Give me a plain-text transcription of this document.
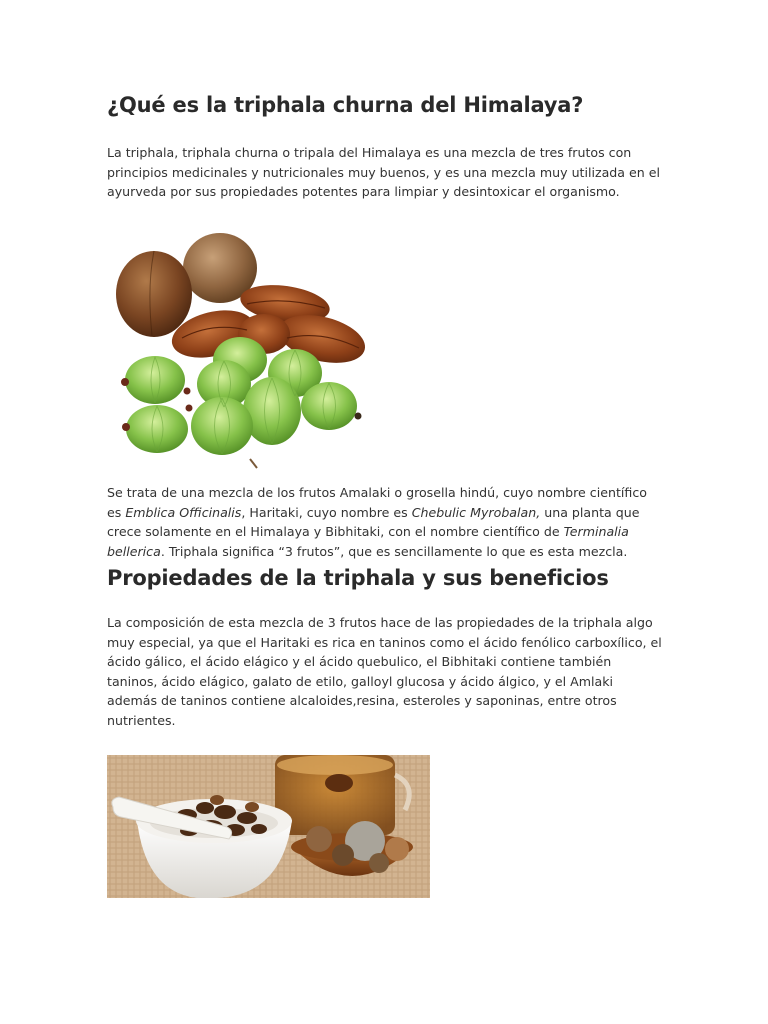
¿Qué es la triphala churna del Himalaya?

La triphala, triphala churna o tripala del Himalaya es una mezcla de tres frutos con
principios medicinales y nutricionales muy buenos, y es una mezcla muy utilizada en el
ayurveda por sus propiedades potentes para limpiar y desintoxicar el organismo.

Se trata de una mezcla de los frutos Amalaki o grosella hindú, cuyo nombre científico
es Emblica Officinalis, Haritaki, cuyo nombre es Chebulic Myrobalan, una planta que
crece solamente en el Himalaya y Bibhitaki, con el nombre científico de Terminalia
bellerica. Triphala significa “3 frutos”, que es sencillamente lo que es esta mezcla.

Propiedades de la triphala y sus beneficios

La composición de esta mezcla de 3 frutos hace de las propiedades de la triphala algo
muy especial, ya que el Haritaki es rica en taninos como el ácido fenólico carboxílico, el
ácido gálico, el ácido elágico y el ácido quebulico, el Bibhitaki contiene también
taninos, ácido elágico, galato de etilo, galloyl glucosa y ácido álgico, y el Amlaki
además de taninos contiene alcaloides,resina, esteroles y saponinas, entre otros
nutrientes.
